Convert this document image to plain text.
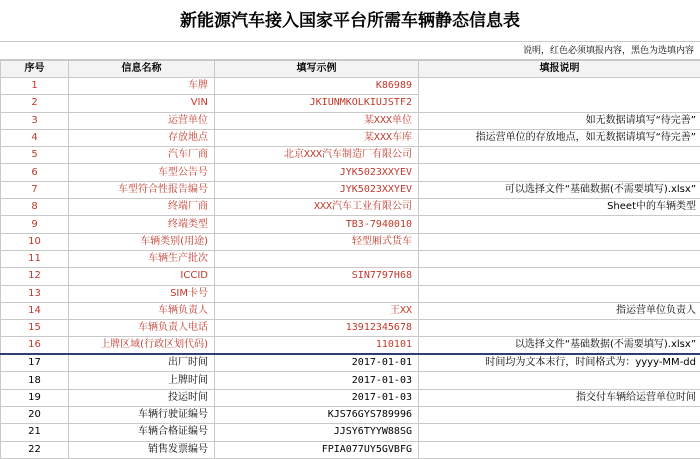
新能源汽车接入国家平台所需车辆静态信息表
说明，红色必须填报内容，黑色为选填内容
序号	信息名称	填写示例	填报说明
1	车牌	K86989	
2	VIN	JKIUNMKOLKIUJSTF2	
3	运营单位	某XXX单位	如无数据请填写“待完善”
4	存放地点	某XXX车库	指运营单位的存放地点，如无数据请填写“待完善”
5	汽车厂商	北京XXX汽车制造厂有限公司	
6	车型公告号	JYK5023XXYEV	
7	车型符合性报告编号	JYK5023XXYEV	可以选择文件“基础数据(不需要填写).xlsx”
8	终端厂商	XXX汽车工业有限公司	Sheet中的车辆类型
9	终端类型	TB3-7940010	
10	车辆类别(用途)	轻型厢式货车	
11	车辆生产批次		
12	ICCID	SIN7797H68	
13	SIM卡号		
14	车辆负责人	王XX	指运营单位负责人
15	车辆负责人电话	13912345678	
16	上牌区域(行政区划代码)	110101	以选择文件“基础数据(不需要填写).xlsx”
17	出厂时间	2017-01-01	时间均为文本末行，时间格式为：yyyy-MM-dd
18	上牌时间	2017-01-03	
19	投运时间	2017-01-03	指交付车辆给运营单位时间
20	车辆行驶证编号	KJS76GYS789996	
21	车辆合格证编号	JJSY6TYYW88SG	
22	销售发票编号	FPIA077UY5GVBFG	
